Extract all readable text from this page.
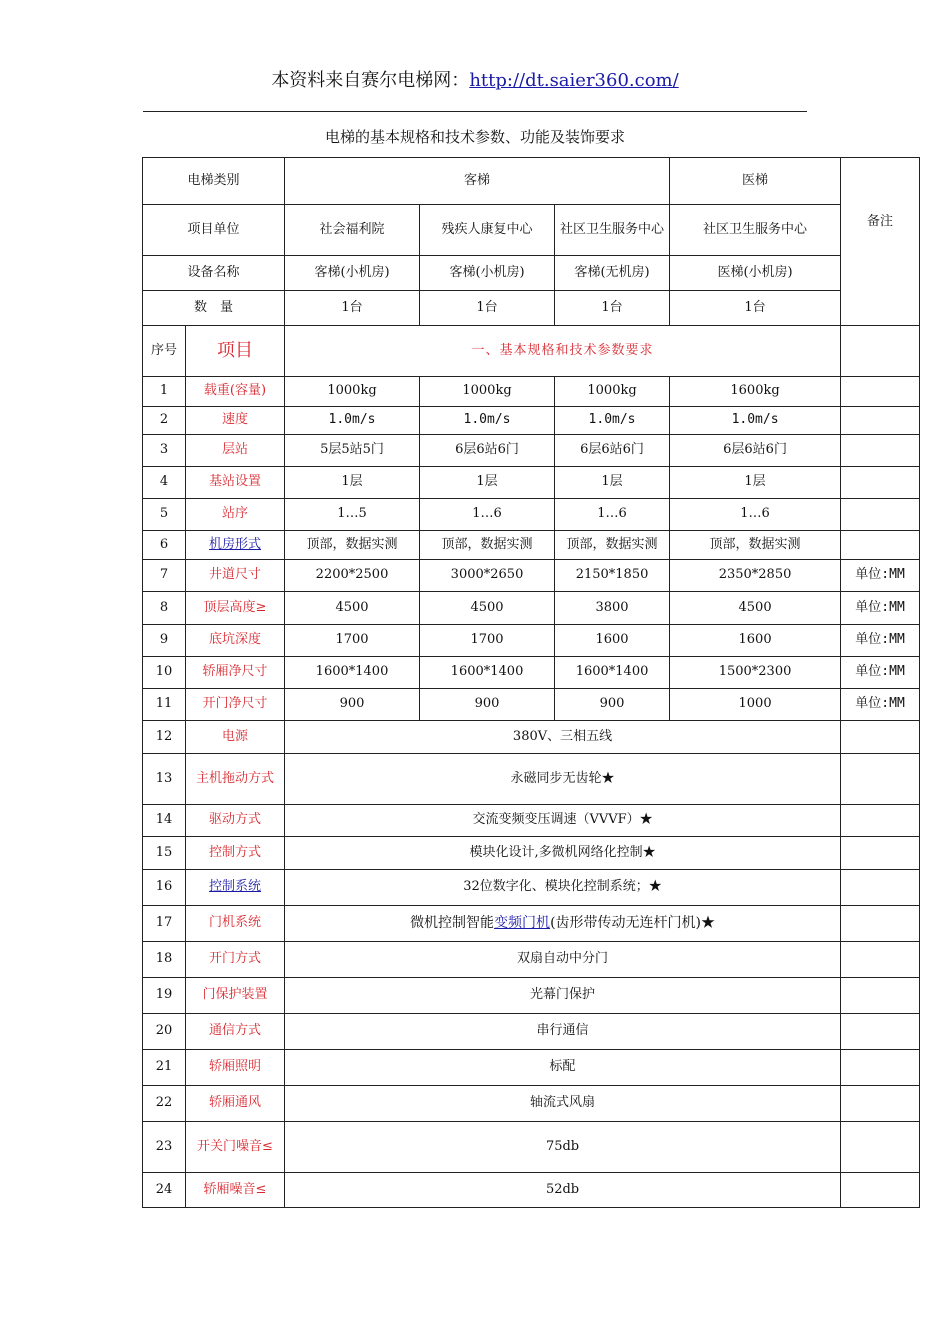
本资料来自赛尔电梯网：http://dt.saier360.com/
电梯的基本规格和技术参数、功能及装饰要求
电梯类别		客梯			医梯	备注
项目单位		社会福利院	残疾人康复中心	社区卫生服务中心	社区卫生服务中心	
设备名称		客梯(小机房)	客梯(小机房)	客梯(无机房)	医梯(小机房)	
数　量		1台	1台	1台	1台	
序号	项目	一、基本规格和技术参数要求				
1	载重(容量)	1000kg	1000kg	1000kg	1600kg	
2	速度	1.0m/s	1.0m/s	1.0m/s	1.0m/s	
3	层站	5层5站5门	6层6站6门	6层6站6门	6层6站6门	
4	基站设置	1层	1层	1层	1层	
5	站序	1…5	1…6	1…6	1…6	
6	机房形式	顶部，数据实测	顶部，数据实测	顶部，数据实测	顶部，数据实测	
7	井道尺寸	2200*2500	3000*2650	2150*1850	2350*2850	单位:MM
8	顶层高度≥	4500	4500	3800	4500	单位:MM
9	底坑深度	1700	1700	1600	1600	单位:MM
10	轿厢净尺寸	1600*1400	1600*1400	1600*1400	1500*2300	单位:MM
11	开门净尺寸	900	900	900	1000	单位:MM
12	电源	380V、三相五线				
13	主机拖动方式	永磁同步无齿轮★				
14	驱动方式	交流变频变压调速（VVVF）★				
15	控制方式	模块化设计,多微机网络化控制★				
16	控制系统	32位数字化、模块化控制系统；★				
17	门机系统	微机控制智能变频门机(齿形带传动无连杆门机)★				
18	开门方式	双扇自动中分门				
19	门保护装置	光幕门保护				
20	通信方式	串行通信				
21	轿厢照明	标配				
22	轿厢通风	轴流式风扇				
23	开关门噪音≤	75db				
24	轿厢噪音≤	52db				
